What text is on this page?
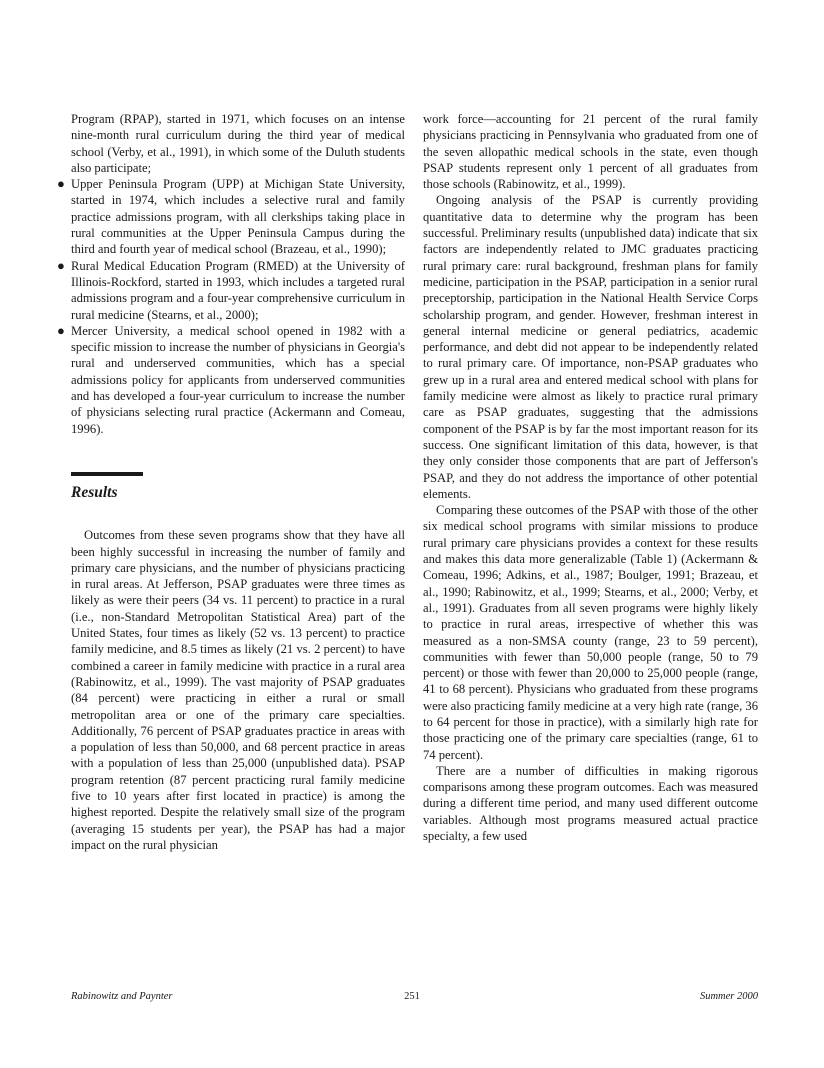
Program (RPAP), started in 1971, which focuses on an intense nine-month rural curriculum during the third year of medical school (Verby, et al., 1991), in which some of the Duluth students also participate;

● Upper Peninsula Program (UPP) at Michigan State University, started in 1974, which includes a selective rural and family practice admissions program, with all clerkships taking place in rural communities at the Upper Peninsula Campus during the third and fourth year of medical school (Brazeau, et al., 1990);
● Rural Medical Education Program (RMED) at the University of Illinois-Rockford, started in 1993, which includes a targeted rural admissions program and a four-year comprehensive curriculum in rural medicine (Stearns, et al., 2000);
● Mercer University, a medical school opened in 1982 with a specific mission to increase the number of physicians in Georgia's rural and underserved communities, which has a special admissions policy for applicants from underserved communities and has developed a four-year curriculum to increase the number of physicians selecting rural practice (Ackermann and Comeau, 1996).
Results

Outcomes from these seven programs show that they have all been highly successful in increasing the number of family and primary care physicians, and the number of physicians practicing in rural areas. At Jefferson, PSAP graduates were three times as likely as were their peers (34 vs. 11 percent) to practice in a rural (i.e., non-Standard Metropolitan Statistical Area) part of the United States, four times as likely (52 vs. 13 percent) to practice family medicine, and 8.5 times as likely (21 vs. 2 percent) to have combined a career in family medicine with practice in a rural area (Rabinowitz, et al., 1999). The vast majority of PSAP graduates (84 percent) were practicing in either a rural or small metropolitan area or one of the primary care specialties. Additionally, 76 percent of PSAP graduates practice in areas with a population of less than 50,000, and 68 percent practice in areas with a population of less than 25,000 (unpublished data). PSAP program retention (87 percent practicing rural family medicine five to 10 years after first located in practice) is among the highest reported. Despite the relatively small size of the program (averaging 15 students per year), the PSAP has had a major impact on the rural physician

work force—accounting for 21 percent of the rural family physicians practicing in Pennsylvania who graduated from one of the seven allopathic medical schools in the state, even though PSAP students represent only 1 percent of all graduates from those schools (Rabinowitz, et al., 1999).

Ongoing analysis of the PSAP is currently providing quantitative data to determine why the program has been successful. Preliminary results (unpublished data) indicate that six factors are independently related to JMC graduates practicing rural primary care: rural background, freshman plans for family medicine, participation in the PSAP, participation in a senior rural preceptorship, participation in the National Health Service Corps scholarship program, and gender. However, freshman interest in general internal medicine or general pediatrics, academic performance, and debt did not appear to be independently related to rural primary care. Of importance, non-PSAP graduates who grew up in a rural area and entered medical school with plans for family medicine were almost as likely to practice rural primary care as PSAP graduates, suggesting that the admissions component of the PSAP is by far the most important reason for its success. One significant limitation of this data, however, is that they only consider those components that are part of Jefferson's PSAP, and they do not address the importance of other potential elements.

Comparing these outcomes of the PSAP with those of the other six medical school programs with similar missions to produce rural primary care physicians provides a context for these results and makes this data more generalizable (Table 1) (Ackermann & Comeau, 1996; Adkins, et al., 1987; Boulger, 1991; Brazeau, et al., 1990; Rabinowitz, et al., 1999; Stearns, et al., 2000; Verby, et al., 1991). Graduates from all seven programs were highly likely to practice in rural areas, irrespective of whether this was measured as a non-SMSA county (range, 23 to 59 percent), communities with fewer than 50,000 people (range, 50 to 79 percent) or those with fewer than 20,000 to 25,000 people (range, 41 to 68 percent). Physicians who graduated from these programs were also practicing family medicine at a very high rate (range, 36 to 64 percent for those in practice), with a similarly high rate for those practicing one of the primary care specialties (range, 61 to 74 percent).

There are a number of difficulties in making rigorous comparisons among these program outcomes. Each was measured during a different time period, and many used different outcome variables. Although most programs measured actual practice specialty, a few used

251
Rabinowitz and Paynter	Summer 2000
